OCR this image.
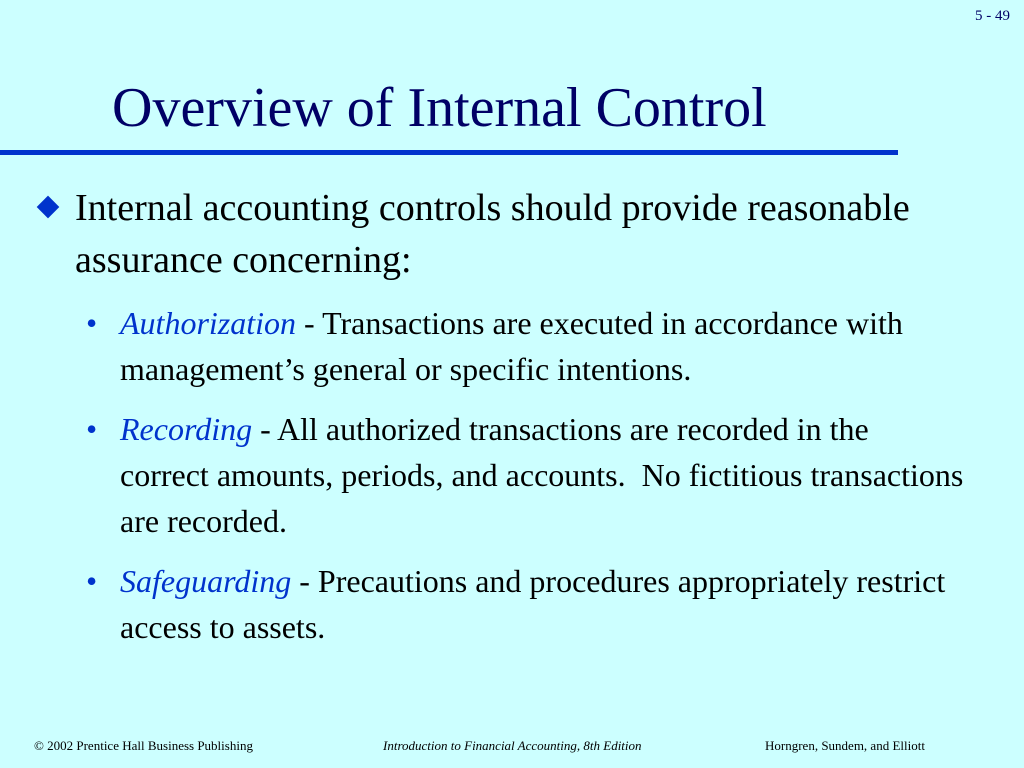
5 - 49
Overview of Internal Control
Internal accounting controls should provide reasonable assurance concerning:
• Authorization - Transactions are executed in accordance with management’s general or specific intentions.
• Recording - All authorized transactions are recorded in the correct amounts, periods, and accounts.  No fictitious transactions are recorded.
• Safeguarding - Precautions and procedures appropriately restrict access to assets.
© 2002 Prentice Hall Business Publishing	Introduction to Financial Accounting, 8th Edition	Horngren, Sundem, and Elliott
